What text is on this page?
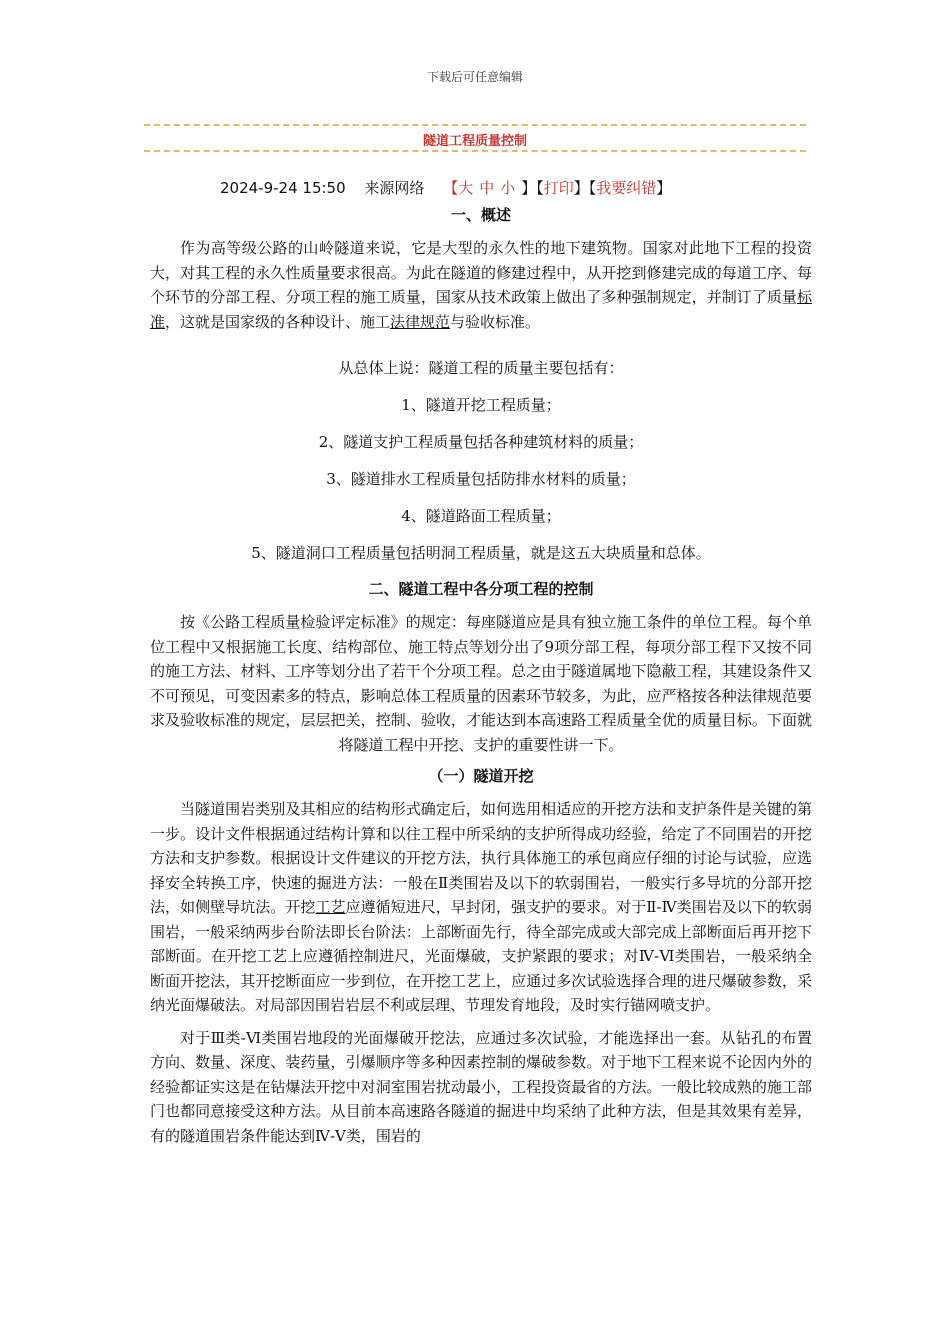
下载后可任意编辑
隧道工程质量控制
2024-9-24 15:50 来源网络 【大中小】【打印】【我要纠错】
一、概述

作为高等级公路的山岭隧道来说，它是大型的永久性的地下建筑物。国家对此地下工程的投资大，对其工程的永久性质量要求很高。为此在隧道的修建过程中，从开挖到修建完成的每道工序、每个环节的分部工程、分项工程的施工质量，国家从技术政策上做出了多种强制规定，并制订了质量标准，这就是国家级的各种设计、施工法律规范与验收标准。

从总体上说：隧道工程的质量主要包括有：

1、隧道开挖工程质量；

2、隧道支护工程质量包括各种建筑材料的质量；

3、隧道排水工程质量包括防排水材料的质量；

4、隧道路面工程质量；

5、隧道洞口工程质量包括明洞工程质量，就是这五大块质量和总体。

二、隧道工程中各分项工程的控制

按《公路工程质量检验评定标准》的规定：每座隧道应是具有独立施工条件的单位工程。每个单位工程中又根据施工长度、结构部位、施工特点等划分出了9项分部工程，每项分部工程下又按不同的施工方法、材料、工序等划分出了若干个分项工程。总之由于隧道属地下隐蔽工程，其建设条件又不可预见，可变因素多的特点，影响总体工程质量的因素环节较多，为此，应严格按各种法律规范要求及验收标准的规定，层层把关，控制、验收，才能达到本高速路工程质量全优的质量目标。下面就将隧道工程中开挖、支护的重要性讲一下。

（一）隧道开挖

当隧道围岩类别及其相应的结构形式确定后，如何选用相适应的开挖方法和支护条件是关键的第一步。设计文件根据通过结构计算和以往工程中所采纳的支护所得成功经验，给定了不同围岩的开挖方法和支护参数。根据设计文件建议的开挖方法，执行具体施工的承包商应仔细的讨论与试验，应选择安全转换工序，快速的掘进方法：一般在Ⅱ类围岩及以下的软弱围岩，一般实行多导坑的分部开挖法，如侧壁导坑法。开挖工艺应遵循短进尺，早封闭，强支护的要求。对于Ⅱ-Ⅳ类围岩及以下的软弱围岩，一般采纳两步台阶法即长台阶法：上部断面先行，待全部完成或大部完成上部断面后再开挖下部断面。在开挖工艺上应遵循控制进尺，光面爆破，支护紧跟的要求；对Ⅳ-Ⅵ类围岩，一般采纳全断面开挖法，其开挖断面应一步到位，在开挖工艺上，应通过多次试验选择合理的进尺爆破参数，采纳光面爆破法。对局部因围岩岩层不利或层理、节理发育地段，及时实行锚网喷支护。

对于Ⅲ类-Ⅵ类围岩地段的光面爆破开挖法，应通过多次试验，才能选择出一套。从钻孔的布置方向、数量、深度、装药量，引爆顺序等多种因素控制的爆破参数。对于地下工程来说不论因内外的经验都证实这是在钻爆法开挖中对洞室围岩扰动最小，工程投资最省的方法。一般比较成熟的施工部门也都同意接受这种方法。从目前本高速路各隧道的掘进中均采纳了此种方法，但是其效果有差异，有的隧道围岩条件能达到Ⅳ-Ⅴ类，围岩的
